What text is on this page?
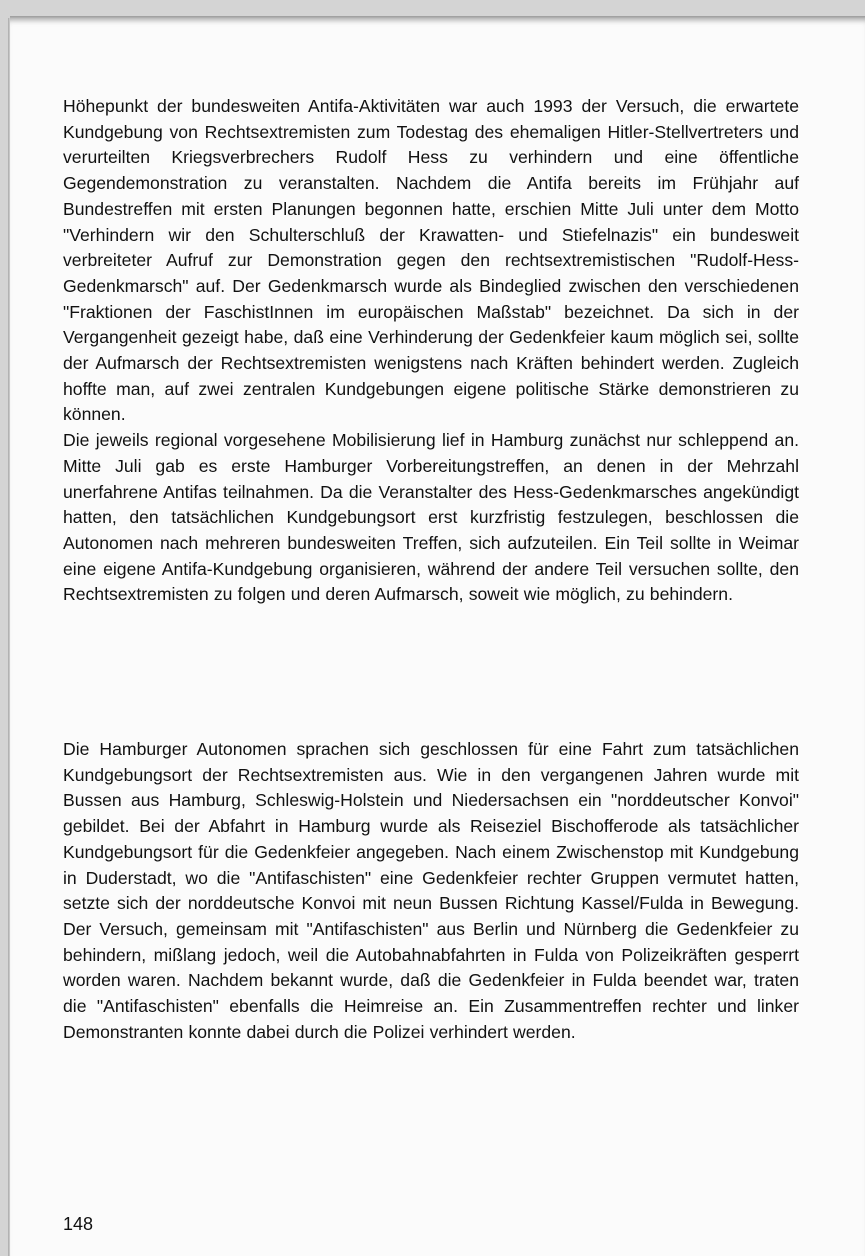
Höhepunkt der bundesweiten Antifa-Aktivitäten war auch 1993 der Versuch, die erwartete Kundgebung von Rechtsextremisten zum Todestag des ehemaligen Hitler-Stellvertreters und verurteilten Kriegsverbrechers Rudolf Hess zu verhindern und eine öffentliche Gegendemonstration zu veranstalten. Nachdem die Antifa bereits im Frühjahr auf Bundestreffen mit ersten Planungen begonnen hatte, erschien Mitte Juli unter dem Motto "Verhindern wir den Schulterschluß der Krawatten- und Stiefelnazis" ein bundesweit verbreiteter Aufruf zur Demonstration gegen den rechtsextremistischen "Rudolf-Hess-Gedenkmarsch" auf. Der Gedenkmarsch wurde als Bindeglied zwischen den verschiedenen "Fraktionen der FaschistInnen im europäischen Maßstab" bezeichnet. Da sich in der Vergangenheit gezeigt habe, daß eine Verhinderung der Gedenkfeier kaum möglich sei, sollte der Aufmarsch der Rechtsextremisten wenigstens nach Kräften behindert werden. Zugleich hoffte man, auf zwei zentralen Kundgebungen eigene politische Stärke demonstrieren zu können.

Die jeweils regional vorgesehene Mobilisierung lief in Hamburg zunächst nur schleppend an. Mitte Juli gab es erste Hamburger Vorbereitungstreffen, an denen in der Mehrzahl unerfahrene Antifas teilnahmen. Da die Veranstalter des Hess-Gedenkmarsches angekündigt hatten, den tatsächlichen Kundgebungsort erst kurzfristig festzulegen, beschlossen die Autonomen nach mehreren bundesweiten Treffen, sich aufzuteilen. Ein Teil sollte in Weimar eine eigene Antifa-Kundgebung organisieren, während der andere Teil versuchen sollte, den Rechtsextremisten zu folgen und deren Aufmarsch, soweit wie möglich, zu behindern.

Die Hamburger Autonomen sprachen sich geschlossen für eine Fahrt zum tatsächlichen Kundgebungsort der Rechtsextremisten aus. Wie in den vergangenen Jahren wurde mit Bussen aus Hamburg, Schleswig-Holstein und Niedersachsen ein "norddeutscher Konvoi" gebildet. Bei der Abfahrt in Hamburg wurde als Reiseziel Bischofferode als tatsächlicher Kundgebungsort für die Gedenkfeier angegeben. Nach einem Zwischenstop mit Kundgebung in Duderstadt, wo die "Antifaschisten" eine Gedenkfeier rechter Gruppen vermutet hatten, setzte sich der norddeutsche Konvoi mit neun Bussen Richtung Kassel/Fulda in Bewegung. Der Versuch, gemeinsam mit "Antifaschisten" aus Berlin und Nürnberg die Gedenkfeier zu behindern, mißlang jedoch, weil die Autobahnabfahrten in Fulda von Polizeikräften gesperrt worden waren. Nachdem bekannt wurde, daß die Gedenkfeier in Fulda beendet war, traten die "Antifaschisten" ebenfalls die Heimreise an. Ein Zusammentreffen rechter und linker Demonstranten konnte dabei durch die Polizei verhindert werden.

148
